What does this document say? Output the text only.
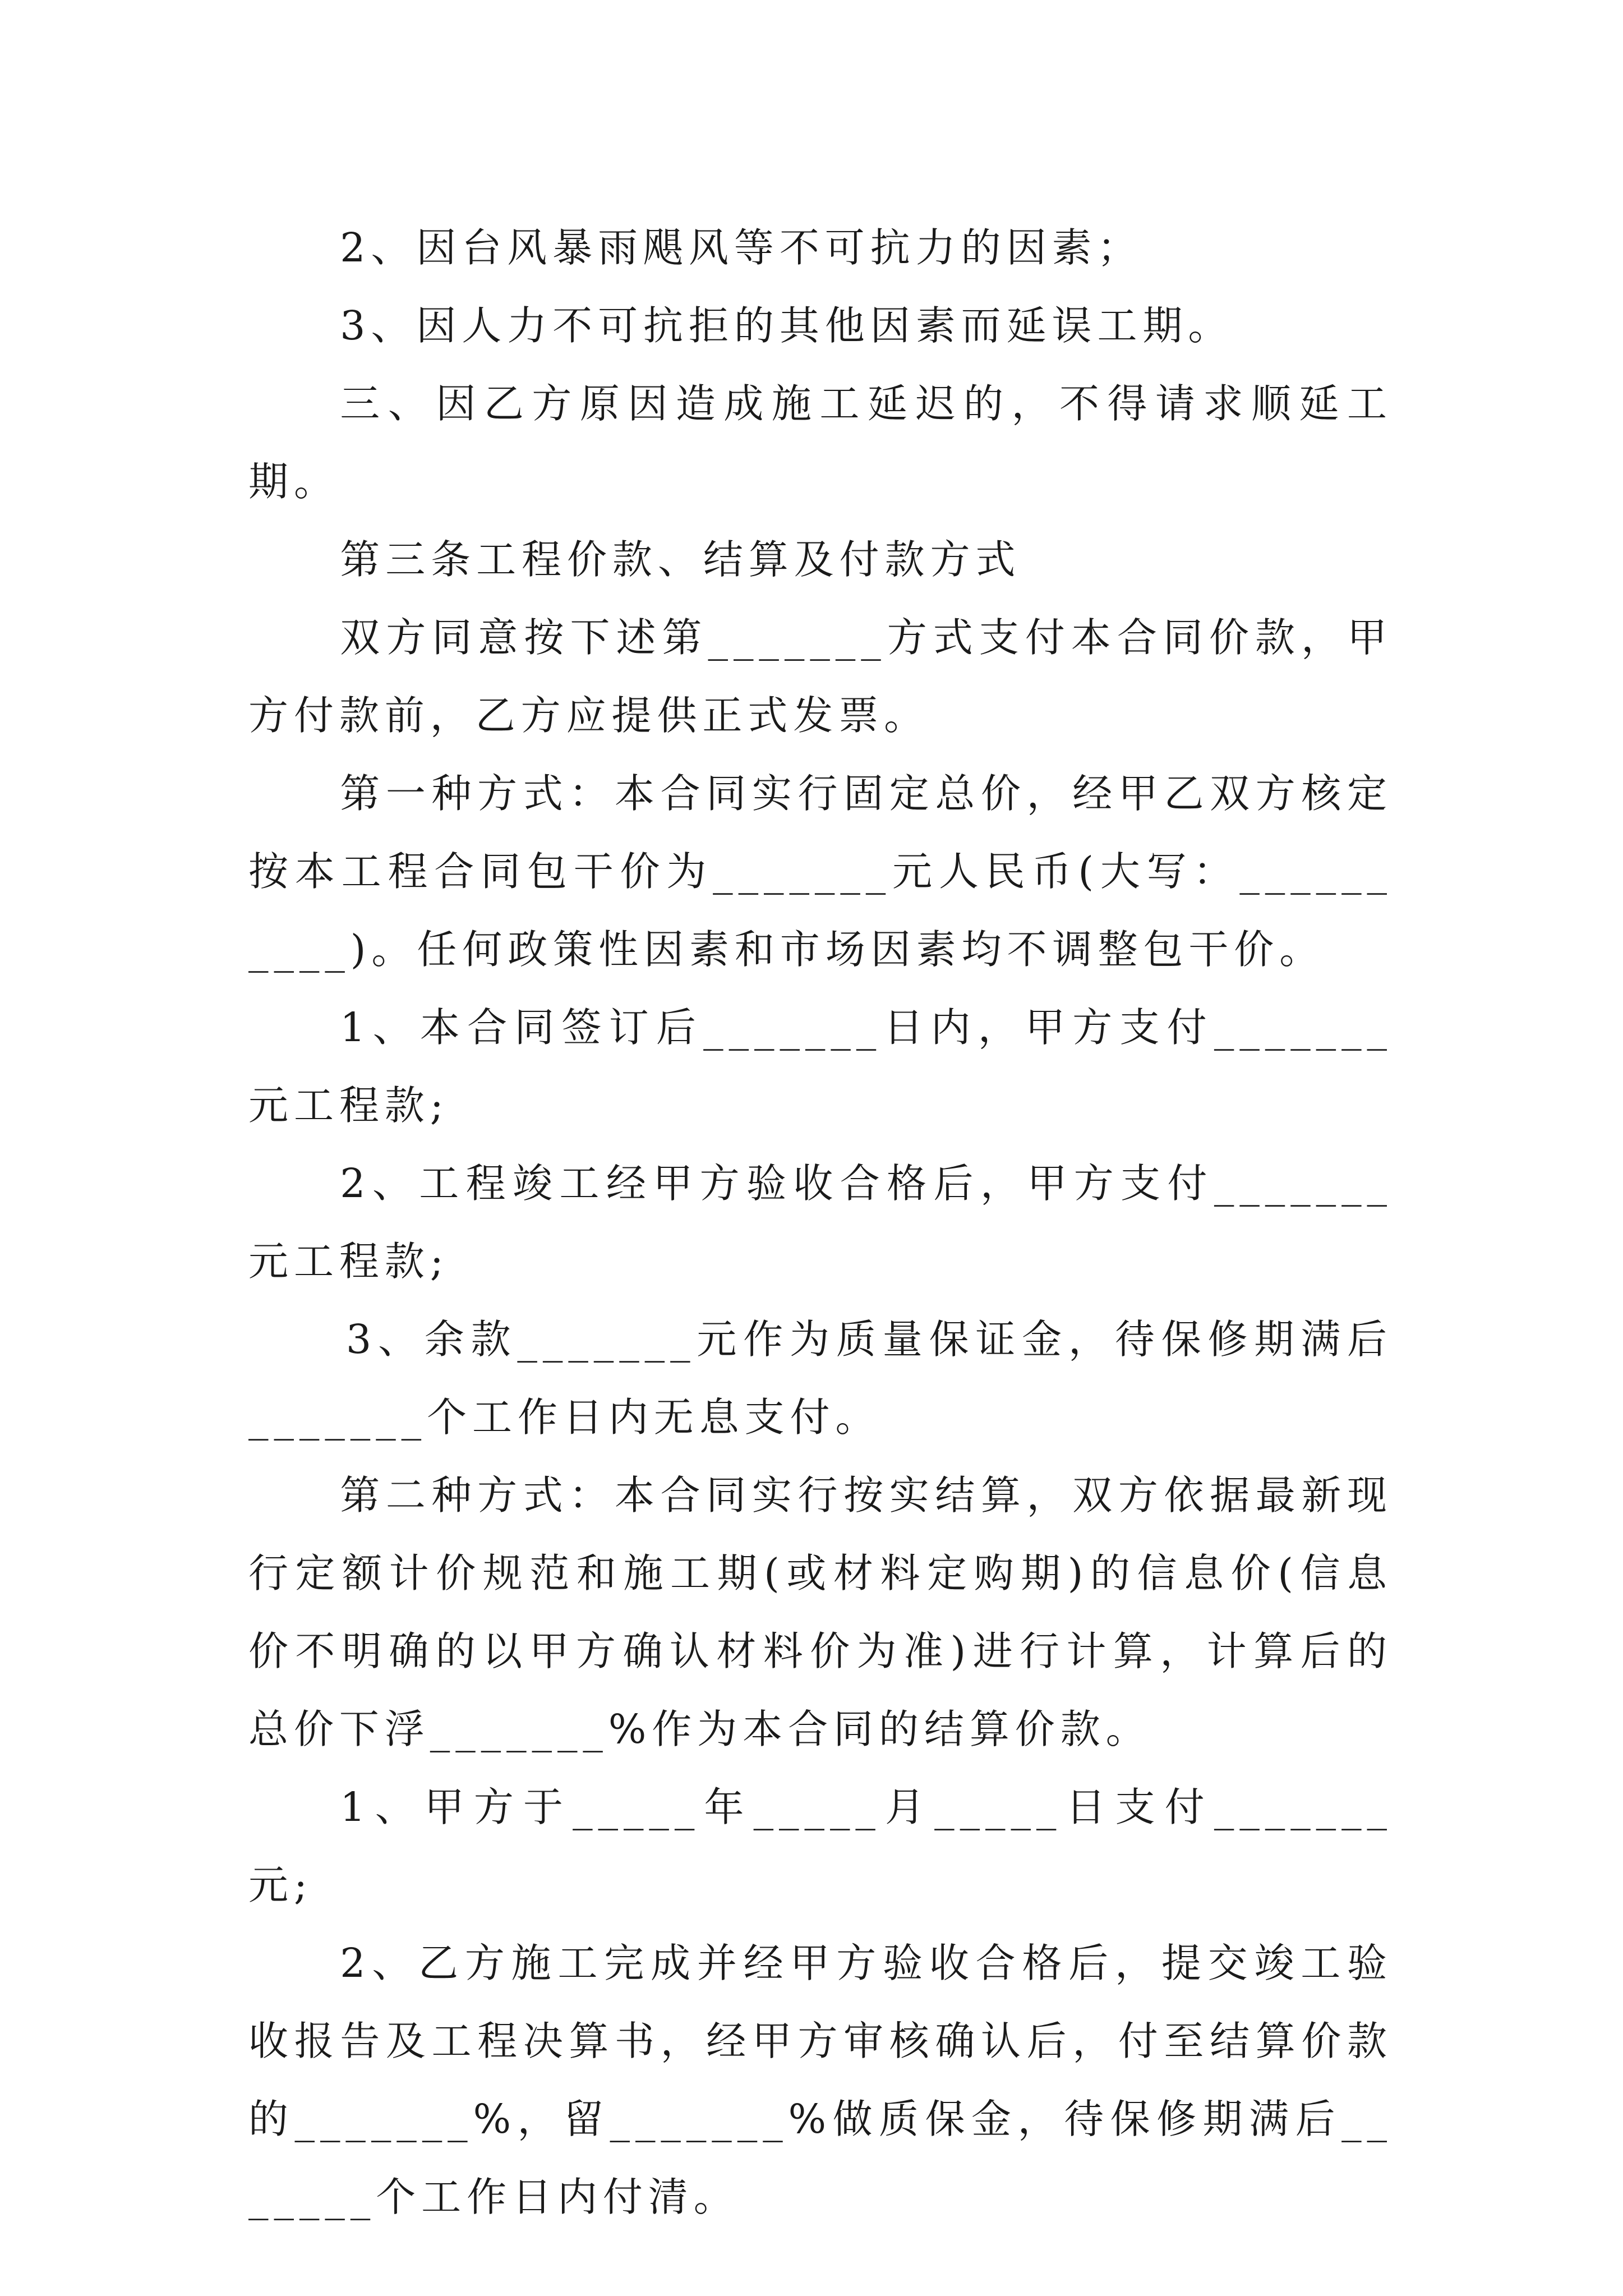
2、因台风暴雨飓风等不可抗力的因素；

3、因人力不可抗拒的其他因素而延误工期。

三、因乙方原因造成施工延迟的，不得请求顺延工期。

第三条工程价款、结算及付款方式

双方同意按下述第_______方式支付本合同价款，甲方付款前，乙方应提供正式发票。

第一种方式：本合同实行固定总价，经甲乙双方核定按本工程合同包干价为_______元人民币(大写：__________)。任何政策性因素和市场因素均不调整包干价。

1、本合同签订后_______日内，甲方支付_______元工程款;

2、工程竣工经甲方验收合格后，甲方支付_______元工程款;

3、余款_______元作为质量保证金，待保修期满后_______个工作日内无息支付。

第二种方式：本合同实行按实结算，双方依据最新现行定额计价规范和施工期(或材料定购期)的信息价(信息价不明确的以甲方确认材料价为准)进行计算，计算后的总价下浮_______%作为本合同的结算价款。

1、甲方于_____年_____月_____日支付_______元;

2、乙方施工完成并经甲方验收合格后，提交竣工验收报告及工程决算书，经甲方审核确认后，付至结算价款的_______%，留_______%做质保金，待保修期满后_______个工作日内付清。
